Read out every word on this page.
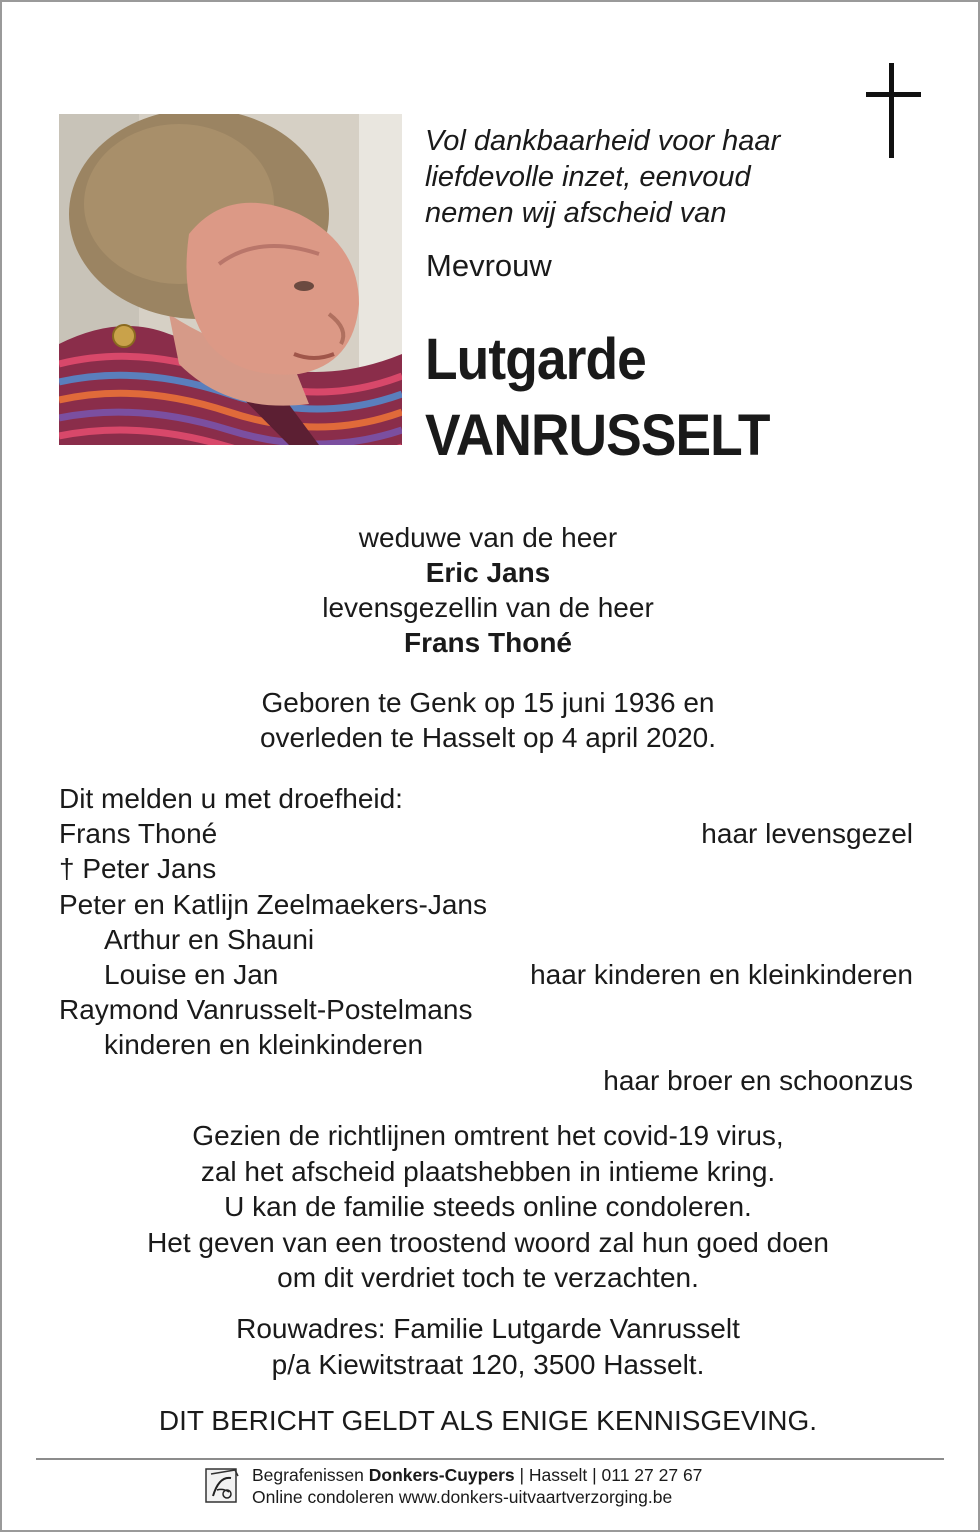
Vol dankbaarheid voor haar
liefdevolle inzet, eenvoud
nemen wij afscheid van
Mevrouw
Lutgarde
VANRUSSELT
weduwe van de heer
Eric Jans
levensgezellin van de heer
Frans Thoné
Geboren te Genk op 15 juni 1936 en
overleden te Hasselt op 4 april 2020.
Dit melden u met droefheid:
Frans Thoné	haar levensgezel
† Peter Jans
Peter en Katlijn Zeelmaekers-Jans
Arthur en Shauni
Louise en Jan	haar kinderen en kleinkinderen
Raymond Vanrusselt-Postelmans
kinderen en kleinkinderen
haar broer en schoonzus
Gezien de richtlijnen omtrent het covid-19 virus,
zal het afscheid plaatshebben in intieme kring.
U kan de familie steeds online condoleren.
Het geven van een troostend woord zal hun goed doen
om dit verdriet toch te verzachten.
Rouwadres: Familie Lutgarde Vanrusselt
p/a Kiewitstraat 120, 3500 Hasselt.
DIT BERICHT GELDT ALS ENIGE KENNISGEVING.
Begrafenissen Donkers-Cuypers | Hasselt | 011 27 27 67
Online condoleren www.donkers-uitvaartverzorging.be
